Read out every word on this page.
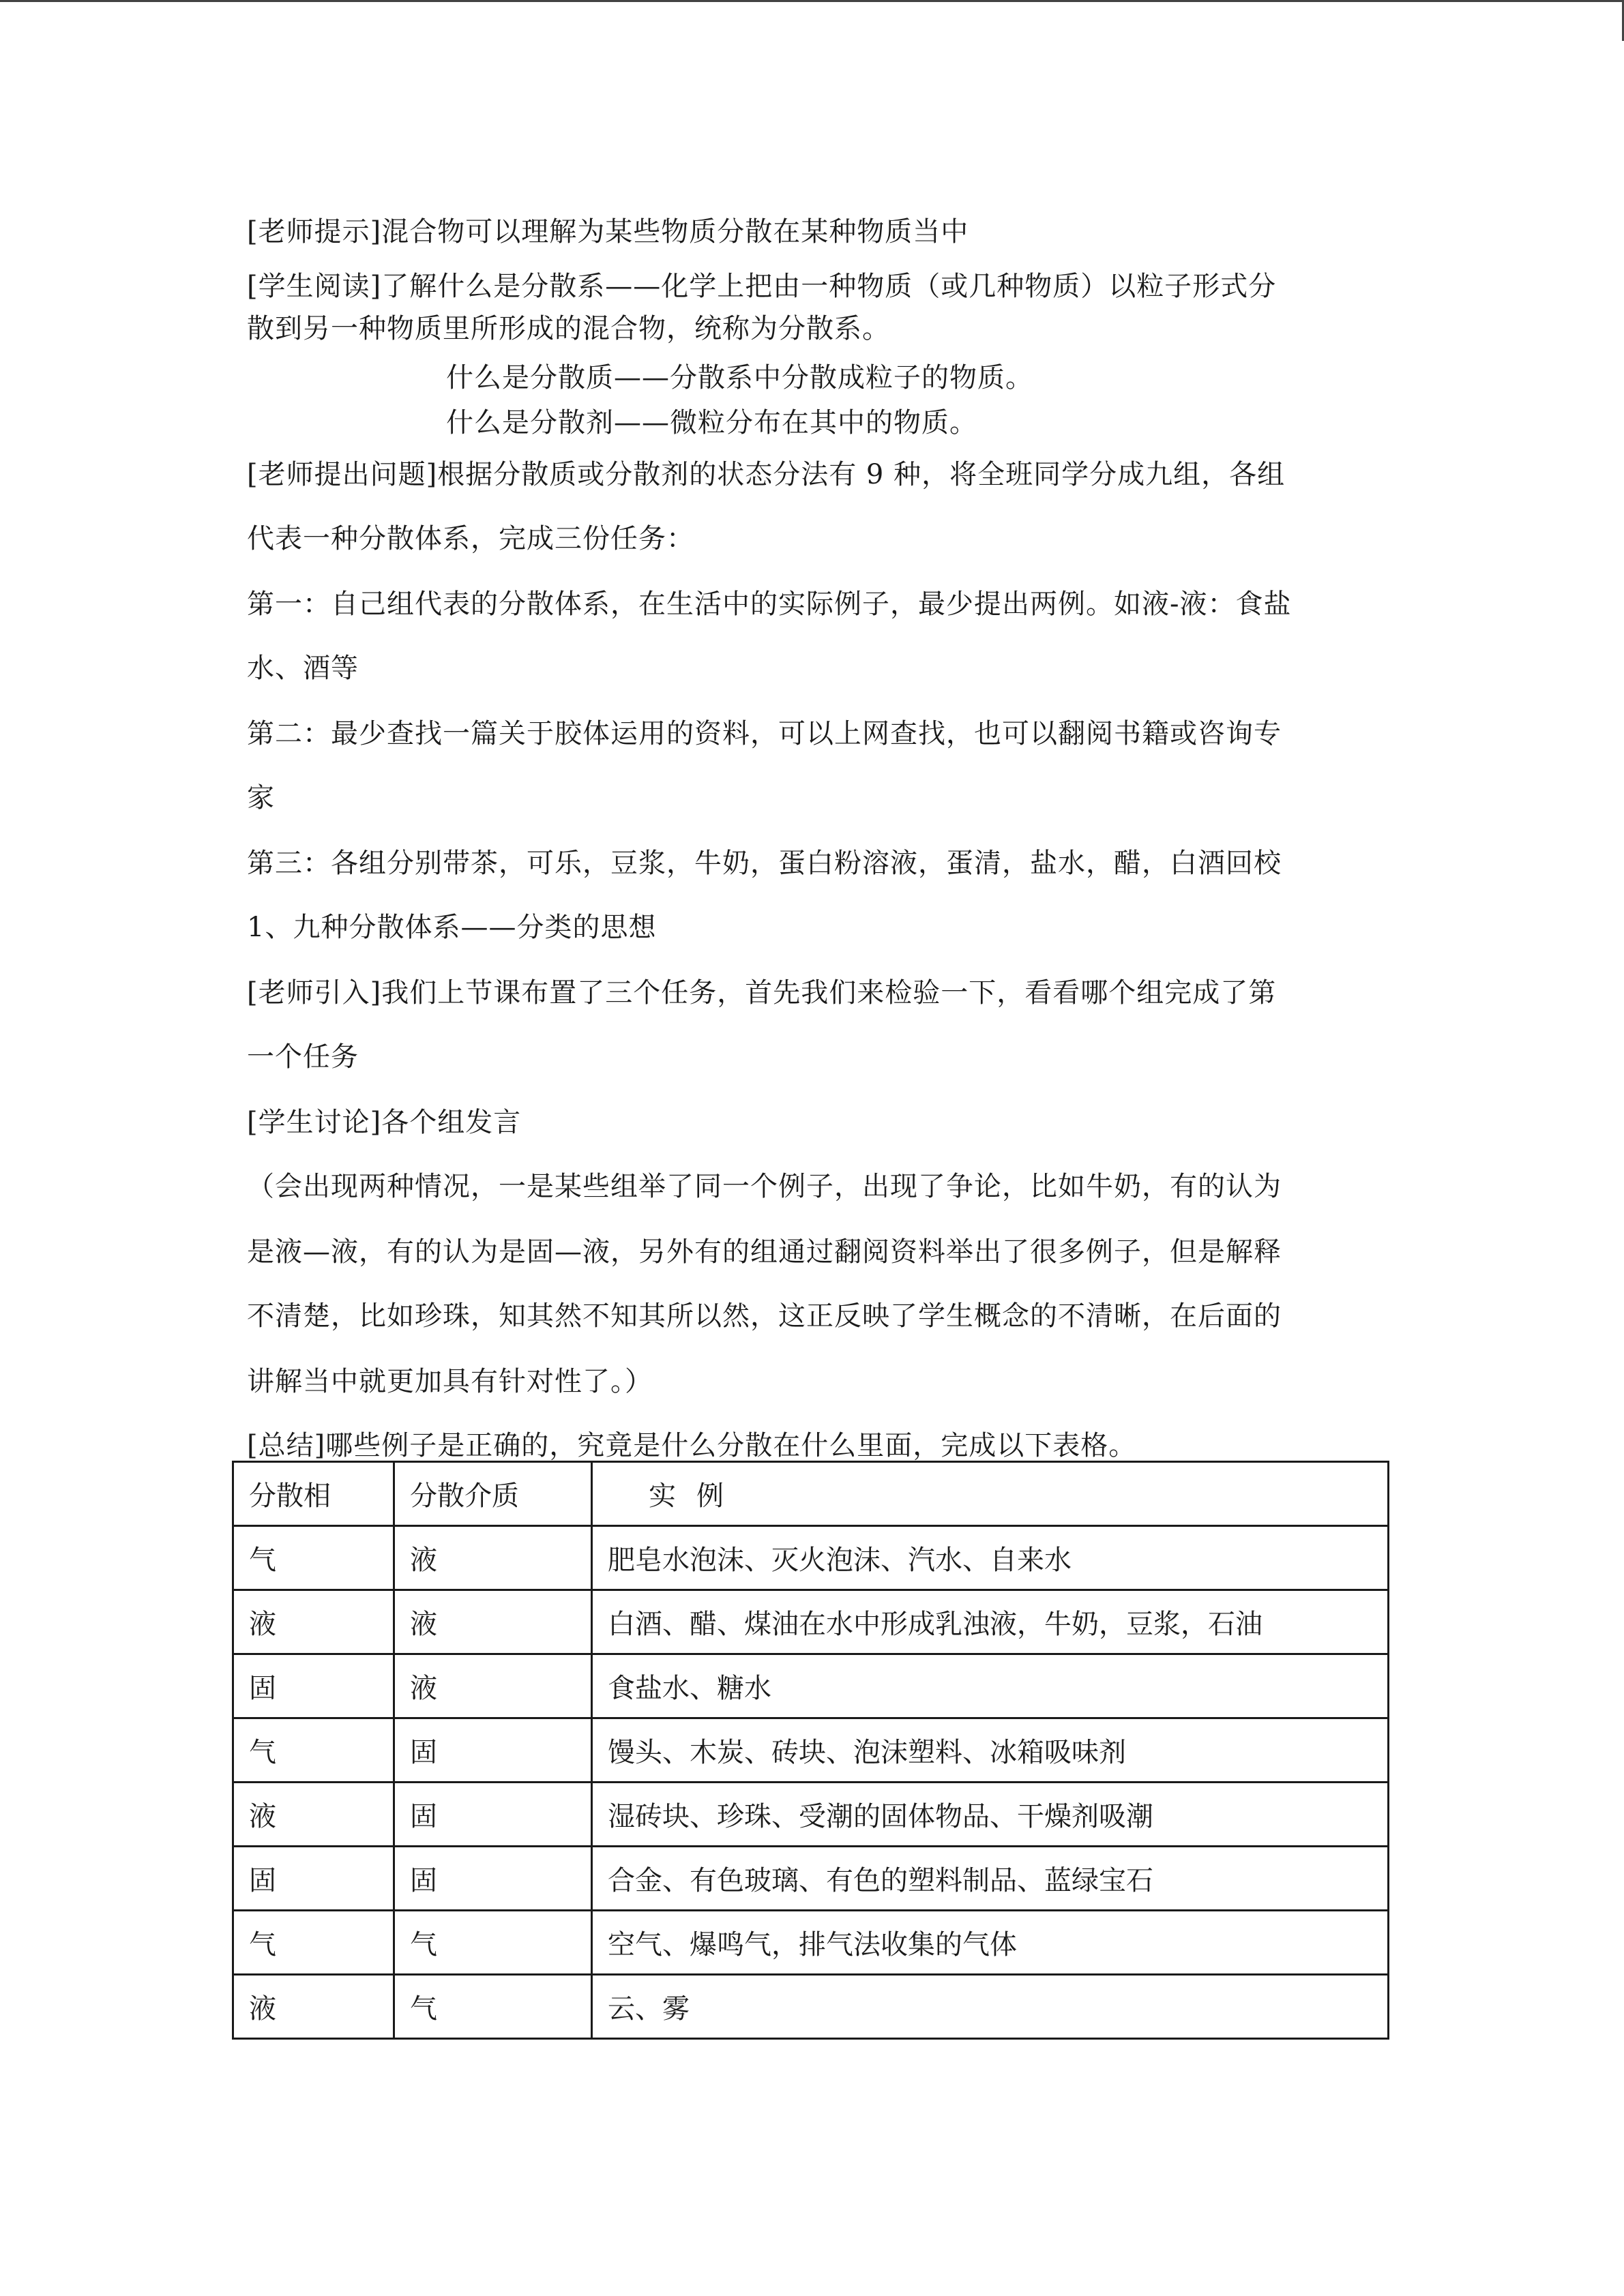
[老师提示]混合物可以理解为某些物质分散在某种物质当中
[学生阅读]了解什么是分散系——化学上把由一种物质（或几种物质）以粒子形式分
散到另一种物质里所形成的混合物，统称为分散系。
什么是分散质——分散系中分散成粒子的物质。
什么是分散剂——微粒分布在其中的物质。
[老师提出问题]根据分散质或分散剂的状态分法有 9 种，将全班同学分成九组，各组
代表一种分散体系，完成三份任务：
第一：自己组代表的分散体系，在生活中的实际例子，最少提出两例。如液-液：食盐
水、酒等
第二：最少查找一篇关于胶体运用的资料，可以上网查找，也可以翻阅书籍或咨询专
家
第三：各组分别带茶，可乐，豆浆，牛奶，蛋白粉溶液，蛋清，盐水，醋，白酒回校
1、九种分散体系——分类的思想
[老师引入]我们上节课布置了三个任务，首先我们来检验一下，看看哪个组完成了第
一个任务
[学生讨论]各个组发言
（会出现两种情况，一是某些组举了同一个例子，出现了争论，比如牛奶，有的认为
是液—液，有的认为是固—液，另外有的组通过翻阅资料举出了很多例子，但是解释
不清楚，比如珍珠，知其然不知其所以然，这正反映了学生概念的不清晰，在后面的
讲解当中就更加具有针对性了。）
[总结]哪些例子是正确的，究竟是什么分散在什么里面，完成以下表格。
分散相	分散介质	实例
气	液	肥皂水泡沫、灭火泡沫、汽水、自来水
液	液	白酒、醋、煤油在水中形成乳浊液，牛奶，豆浆，石油
固	液	食盐水、糖水
气	固	馒头、木炭、砖块、泡沫塑料、冰箱吸味剂
液	固	湿砖块、珍珠、受潮的固体物品、干燥剂吸潮
固	固	合金、有色玻璃、有色的塑料制品、蓝绿宝石
气	气	空气、爆鸣气，排气法收集的气体
液	气	云、雾
